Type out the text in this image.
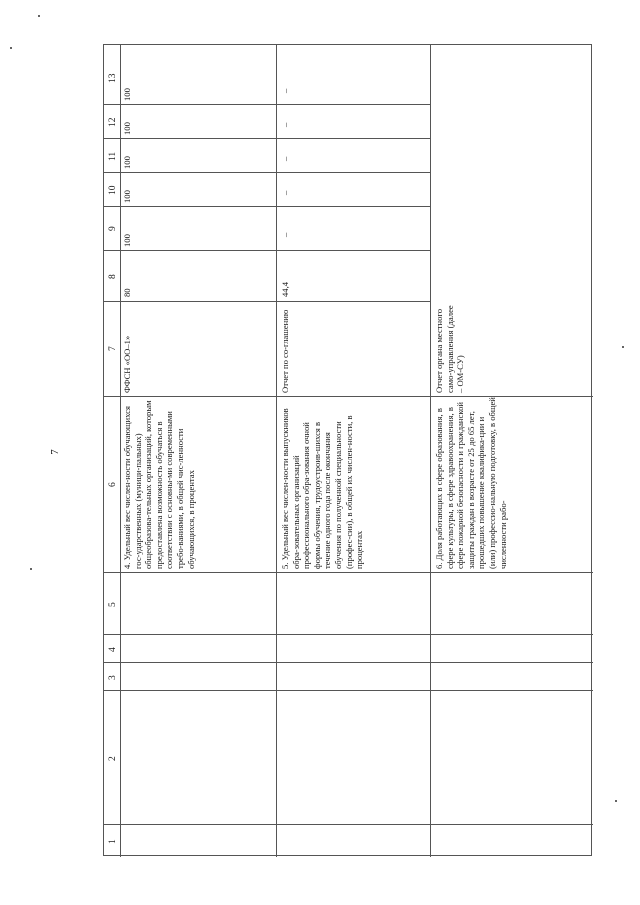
7
13
12
11
10
9
8
7
6
5
4
3
2
1
100
100
100
100
100
80
ФФСН «ОО–1»
4. Удельный вес числен-ности обучающихся гос-ударственных (муници-пальных) общеобразова-тельных организаций, которым предоставлена возможность обучаться в соответствии с основны-ми современными требо-ваниями, в общей чис-ленности обучающихся, в процентах
–
–
–
–
–
44,4
Отчет по со-глашению
5. Удельный вес числен-ности выпускников обра-зовательных организаций профессионального обра-зования очной формы обучения, трудоустроив-шихся в течение одного года после окончания обучения по полученной специальности (профес-сии), в общей их числен-ности, в процентах
Отчет органа местного само-управления (далее – ОМ-СУ)
6. Доля работающих в сфере образования, в сфере культуры, в сфере здравоохранения, в сфере пожарной безопасности и гражданской защиты граждан в возрасте от 25 до 65 лет, прошедших повышение квалифика-ции и (или) профессио-нальную подготовку, в общей численности рабо-
